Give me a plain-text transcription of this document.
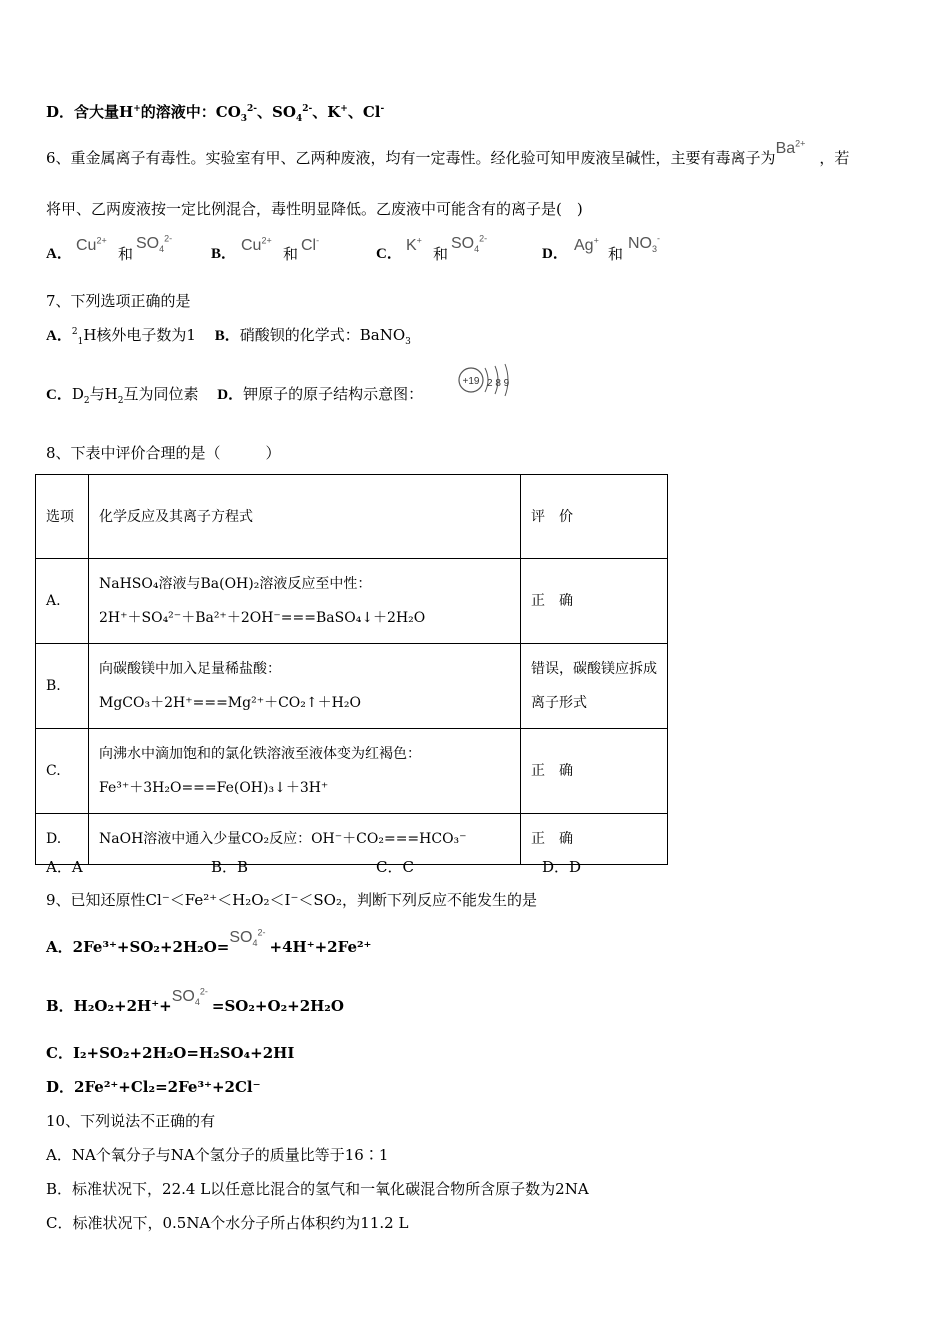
D．含大量H+的溶液中：$CO_3^{2-}$、$SO_4^{2-}$、K+、Cl-
6、重金属离子有毒性。实验室有甲、乙两种废液，均有一定毒性。经化验可知甲废液呈碱性，主要有毒离子为$Ba^{2+}$，若
将甲、乙两废液按一定比例混合，毒性明显降低。乙废液中可能含有的离子是(　)
A． $Cu^{2+}$
和
$SO_4^{2-}$
B． $Cu^{2+}$
和 Cl-
C． K+
和
$SO_4^{2-}$
D． Ag+
和
$NO_3^-$
7、下列选项正确的是
A．$^2_1$H核外电子数为1 B．硝酸钡的化学式：BaNO$_3$
C．$D_2$与$H_2$互为同位素 D．钾原子的原子结构示意图：
+19 2 8 9
8、下表中评价合理的是（　　　）
选项	化学反应及其离子方程式	评　价
A.	NaHSO₄溶液与Ba(OH)₂溶液反应至中性：
2H⁺＋SO₄²⁻＋Ba²⁺＋2OH⁻===BaSO₄↓＋2H₂O	正　确
B.	向碳酸镁中加入足量稀盐酸：
MgCO₃＋2H⁺===Mg²⁺＋CO₂↑＋H₂O	错误，碳酸镁应拆成离子形式
C.	向沸水中滴加饱和的氯化铁溶液至液体变为红褐色：
Fe³⁺＋3H₂O===Fe(OH)₃↓＋3H⁺	正　确
D.	NaOH溶液中通入少量CO₂反应：OH⁻＋CO₂===HCO₃⁻	正　确
A．A	B．B	C．C	D．D
9、已知还原性Cl⁻＜Fe²⁺＜H₂O₂＜I⁻＜SO₂，判断下列反应不能发生的是
A．$2Fe^{3+}+SO_2+2H_2O=SO_4^{2-}+4H^++2Fe^{2+}$
B．$H_2O_2+2H^++SO_4^{2-}=SO_2+O_2+2H_2O$
C．I₂+SO₂+2H₂O=H₂SO₄+2HI
D．2Fe²⁺+Cl₂=2Fe³⁺+2Cl⁻
10、下列说法不正确的有
A．NA个氧分子与NA个氢分子的质量比等于16∶1
B．标准状况下，22.4 L以任意比混合的氢气和一氧化碳混合物所含原子数为2NA
C．标准状况下，0.5NA个水分子所占体积约为11.2 L
